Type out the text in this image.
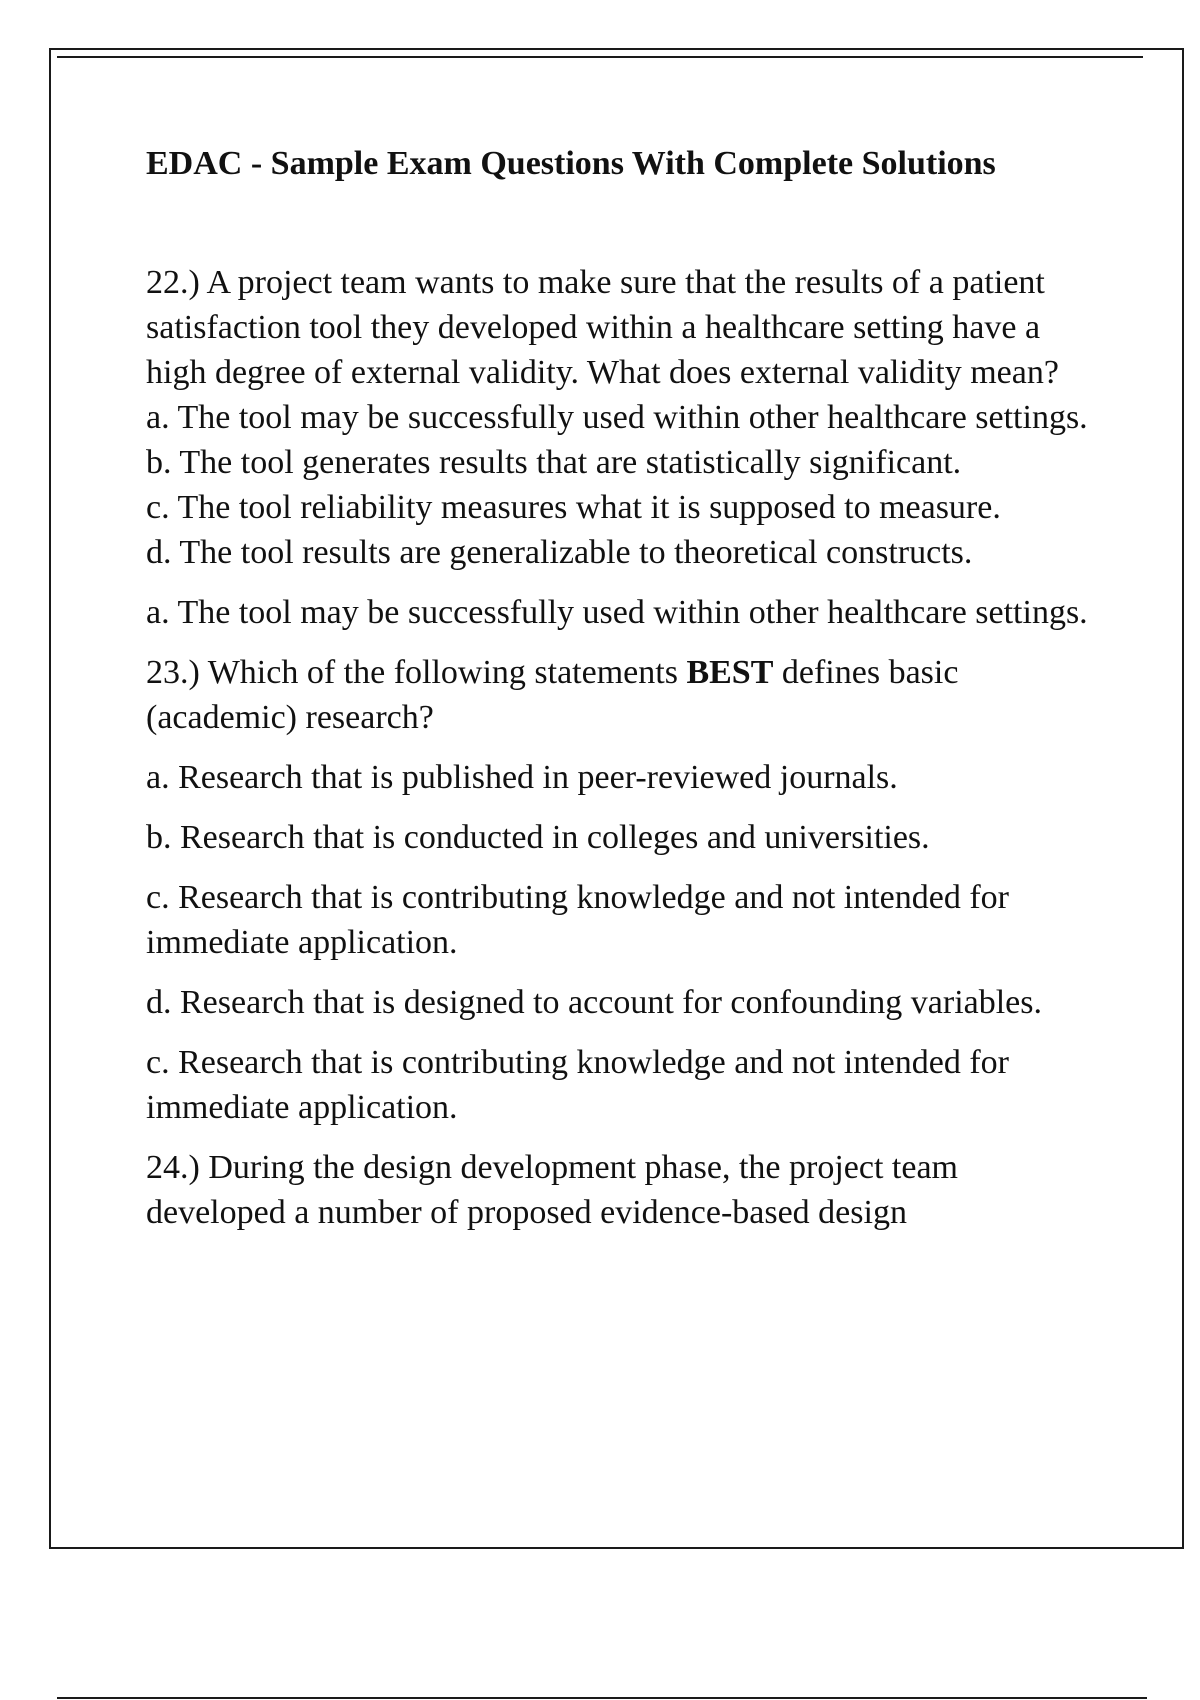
EDAC - Sample Exam Questions With Complete Solutions

22.) A project team wants to make sure that the results of a patient satisfaction tool they developed within a healthcare setting have a high degree of external validity. What does external validity mean?

a. The tool may be successfully used within other healthcare settings.

b. The tool generates results that are statistically significant.

c. The tool reliability measures what it is supposed to measure.

d. The tool results are generalizable to theoretical constructs.

a. The tool may be successfully used within other healthcare settings.

23.) Which of the following statements BEST defines basic (academic) research?

a. Research that is published in peer-reviewed journals.

b. Research that is conducted in colleges and universities.

c. Research that is contributing knowledge and not intended for immediate application.

d. Research that is designed to account for confounding variables.

c. Research that is contributing knowledge and not intended for immediate application.

24.) During the design development phase, the project team developed a number of proposed evidence-based design
